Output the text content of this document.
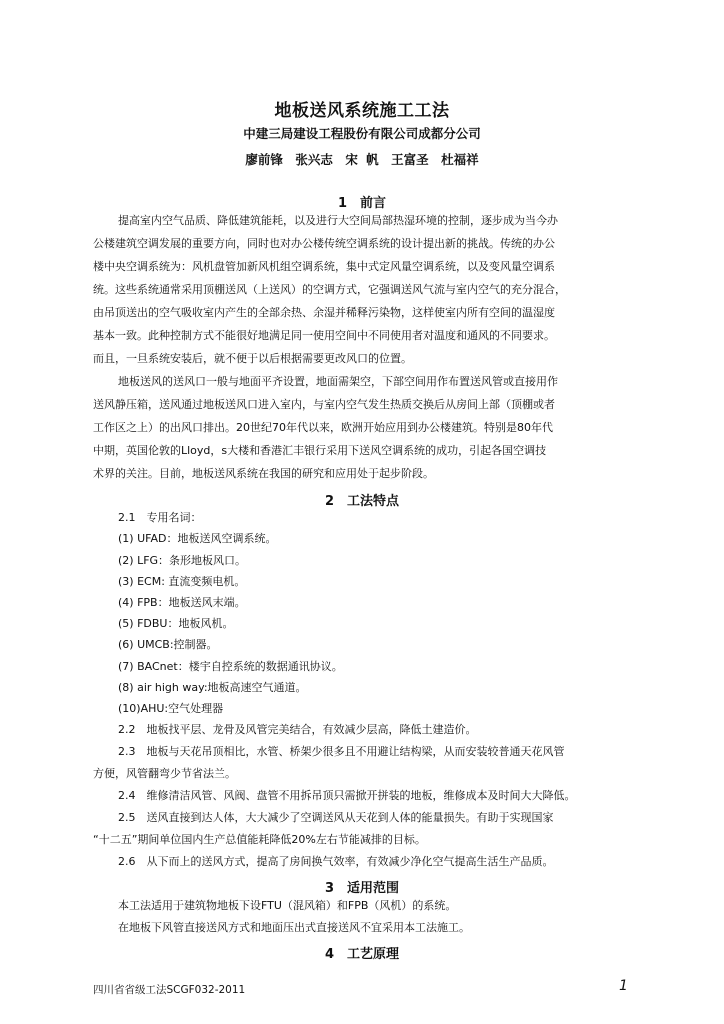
地板送风系统施工工法
中建三局建设工程股份有限公司成都分公司
廖前锋　张兴志　宋 帆　王富圣　杜福祥
1　前言
提高室内空气品质、降低建筑能耗，以及进行大空间局部热湿环境的控制，逐步成为当今办
公楼建筑空调发展的重要方向，同时也对办公楼传统空调系统的设计提出新的挑战。传统的办公
楼中央空调系统为：风机盘管加新风机组空调系统，集中式定风量空调系统，以及变风量空调系
统。这些系统通常采用顶棚送风（上送风）的空调方式，它强调送风气流与室内空气的充分混合，
由吊顶送出的空气吸收室内产生的全部余热、余湿并稀释污染物，这样使室内所有空间的温湿度
基本一致。此种控制方式不能很好地满足同一使用空间中不同使用者对温度和通风的不同要求。
而且，一旦系统安装后，就不便于以后根据需要更改风口的位置。
地板送风的送风口一般与地面平齐设置，地面需架空，下部空间用作布置送风管或直接用作
送风静压箱，送风通过地板送风口进入室内，与室内空气发生热质交换后从房间上部（顶棚或者
工作区之上）的出风口排出。20世纪70年代以来，欧洲开始应用到办公楼建筑。特别是80年代
中期，英国伦敦的Lloyd，s大楼和香港汇丰银行采用下送风空调系统的成功，引起各国空调技
术界的关注。目前，地板送风系统在我国的研究和应用处于起步阶段。
2　工法特点
2.1　专用名词：
(1) UFAD：地板送风空调系统。
(2) LFG：条形地板风口。
(3) ECM: 直流变频电机。
(4) FPB：地板送风末端。
(5) FDBU：地板风机。
(6) UMCB:控制器。
(7) BACnet：楼宇自控系统的数据通讯协议。
(8) air high way:地板高速空气通道。
(10)AHU:空气处理器
2.2　地板找平层、龙骨及风管完美结合，有效减少层高，降低土建造价。
2.3　地板与天花吊顶相比，水管、桥架少很多且不用避让结构梁，从而安装较普通天花风管
方便，风管翻弯少节省法兰。
2.4　维修清洁风管、风阀、盘管不用拆吊顶只需掀开拼装的地板，维修成本及时间大大降低。
2.5　送风直接到达人体，大大减少了空调送风从天花到人体的能量损失。有助于实现国家
“十二五”期间单位国内生产总值能耗降低20%左右节能减排的目标。
2.6　从下而上的送风方式，提高了房间换气效率，有效减少净化空气提高生活生产品质。
3　适用范围
本工法适用于建筑物地板下设FTU（混风箱）和FPB（风机）的系统。
在地板下风管直接送风方式和地面压出式直接送风不宜采用本工法施工。
4　工艺原理
四川省省级工法SCGF032-2011	1
